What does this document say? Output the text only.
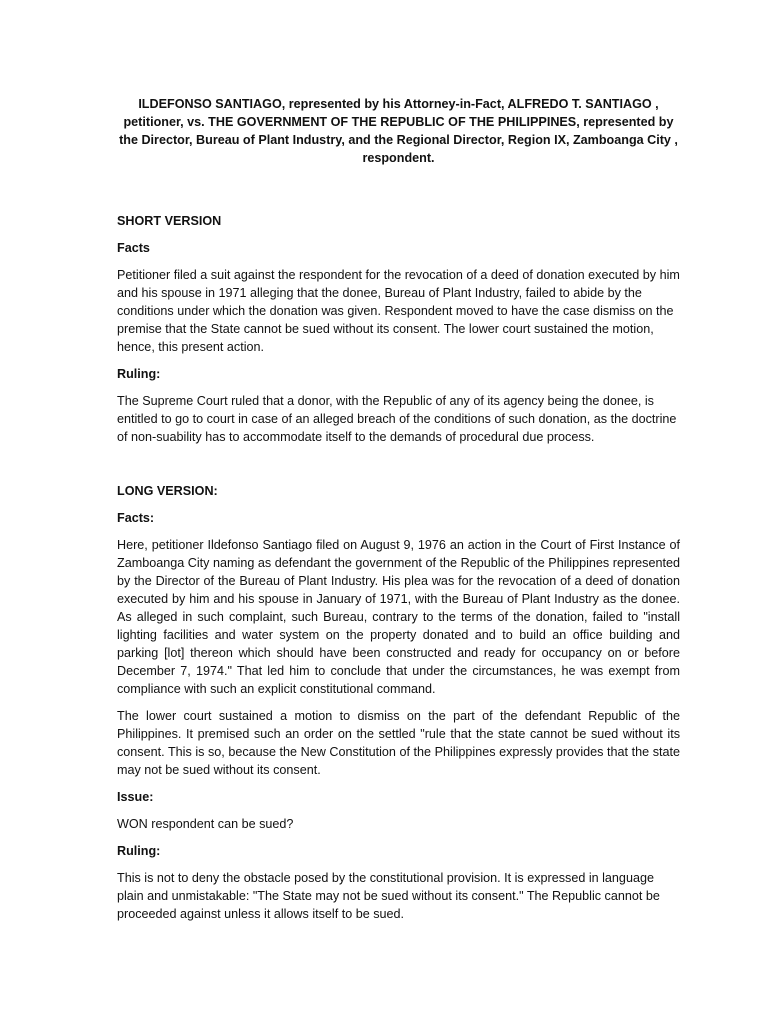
ILDEFONSO SANTIAGO, represented by his Attorney-in-Fact, ALFREDO T. SANTIAGO , petitioner, vs. THE GOVERNMENT OF THE REPUBLIC OF THE PHILIPPINES, represented by the Director, Bureau of Plant Industry, and the Regional Director, Region IX, Zamboanga City , respondent.

SHORT VERSION

Facts

Petitioner filed a suit against the respondent for the revocation of a deed of donation executed by him and his spouse in 1971 alleging that the donee, Bureau of Plant Industry, failed to abide by the conditions under which the donation was given. Respondent moved to have the case dismiss on the premise that the State cannot be sued without its consent. The lower court sustained the motion, hence, this present action.

Ruling:

The Supreme Court ruled that a donor, with the Republic of any of its agency being the donee, is entitled to go to court in case of an alleged breach of the conditions of such donation, as the doctrine of non-suability has to accommodate itself to the demands of procedural due process.

LONG VERSION:

Facts:

Here, petitioner Ildefonso Santiago filed on August 9, 1976 an action in the Court of First Instance of Zamboanga City naming as defendant the government of the Republic of the Philippines represented by the Director of the Bureau of Plant Industry. His plea was for the revocation of a deed of donation executed by him and his spouse in January of 1971, with the Bureau of Plant Industry as the donee. As alleged in such complaint, such Bureau, contrary to the terms of the donation, failed to "install lighting facilities and water system on the property donated and to build an office building and parking [lot] thereon which should have been constructed and ready for occupancy on or before December 7, 1974." That led him to conclude that under the circumstances, he was exempt from compliance with such an explicit constitutional command.

The lower court sustained a motion to dismiss on the part of the defendant Republic of the Philippines. It premised such an order on the settled "rule that the state cannot be sued without its consent. This is so, because the New Constitution of the Philippines expressly provides that the state may not be sued without its consent.

Issue:

WON respondent can be sued?

Ruling:

This is not to deny the obstacle posed by the constitutional provision. It is expressed in language plain and unmistakable: "The State may not be sued without its consent." The Republic cannot be proceeded against unless it allows itself to be sued.
